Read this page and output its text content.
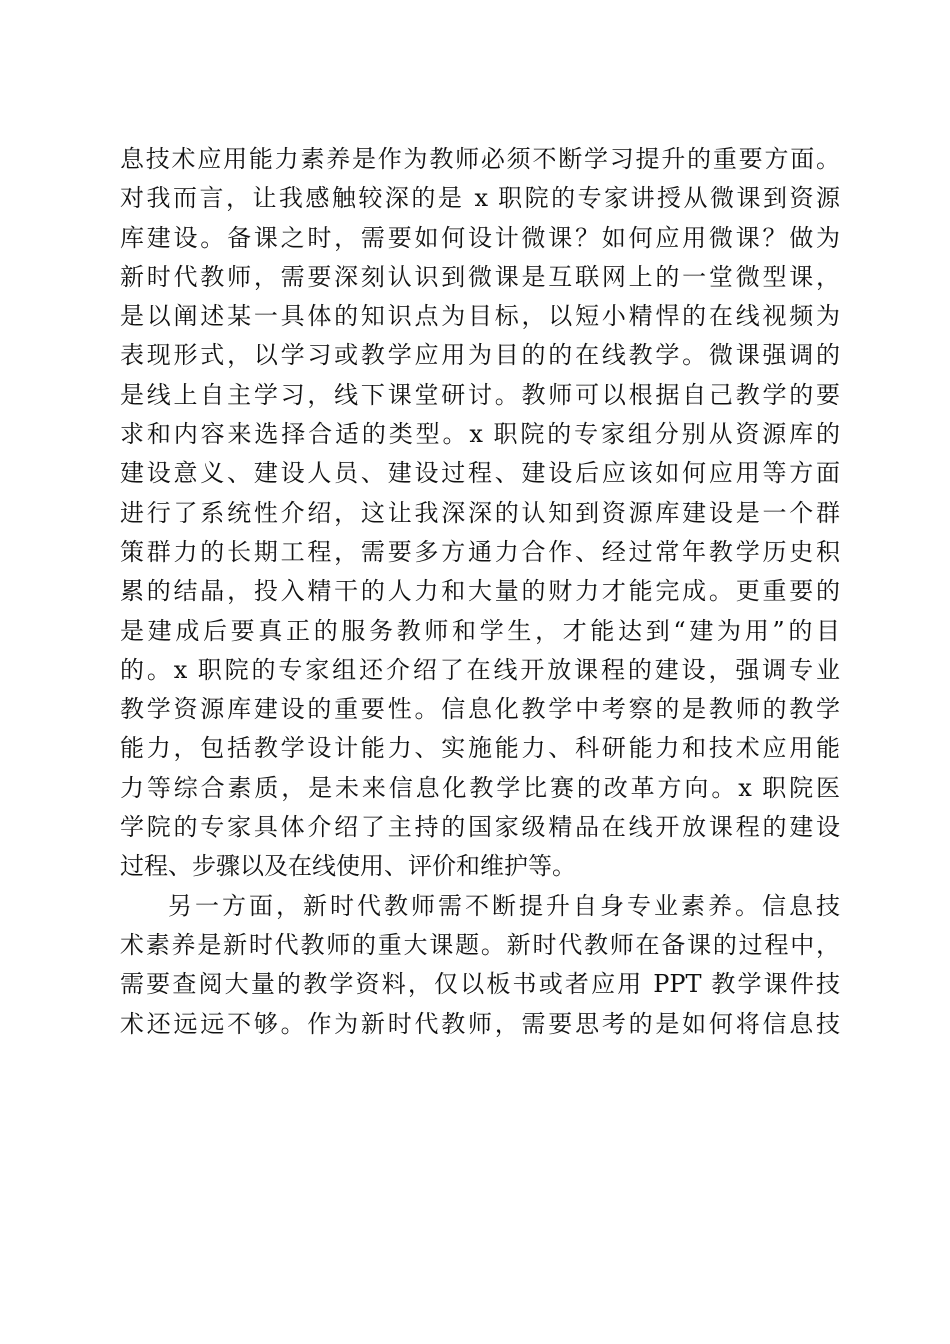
息技术应用能力素养是作为教师必须不断学习提升的重要方面。
对我而言，让我感触较深的是 x 职院的专家讲授从微课到资源
库建设。备课之时，需要如何设计微课？如何应用微课？做为
新时代教师，需要深刻认识到微课是互联网上的一堂微型课，
是以阐述某一具体的知识点为目标，以短小精悍的在线视频为
表现形式，以学习或教学应用为目的的在线教学。微课强调的
是线上自主学习，线下课堂研讨。教师可以根据自己教学的要
求和内容来选择合适的类型。x 职院的专家组分别从资源库的
建设意义、建设人员、建设过程、建设后应该如何应用等方面
进行了系统性介绍，这让我深深的认知到资源库建设是一个群
策群力的长期工程，需要多方通力合作、经过常年教学历史积
累的结晶，投入精干的人力和大量的财力才能完成。更重要的
是建成后要真正的服务教师和学生，才能达到“建为用”的目
的。x 职院的专家组还介绍了在线开放课程的建设，强调专业
教学资源库建设的重要性。信息化教学中考察的是教师的教学
能力，包括教学设计能力、实施能力、科研能力和技术应用能
力等综合素质，是未来信息化教学比赛的改革方向。x 职院医
学院的专家具体介绍了主持的国家级精品在线开放课程的建设
过程、步骤以及在线使用、评价和维护等。
另一方面，新时代教师需不断提升自身专业素养。信息技
术素养是新时代教师的重大课题。新时代教师在备课的过程中，
需要查阅大量的教学资料，仅以板书或者应用 PPT 教学课件技
术还远远不够。作为新时代教师，需要思考的是如何将信息技
